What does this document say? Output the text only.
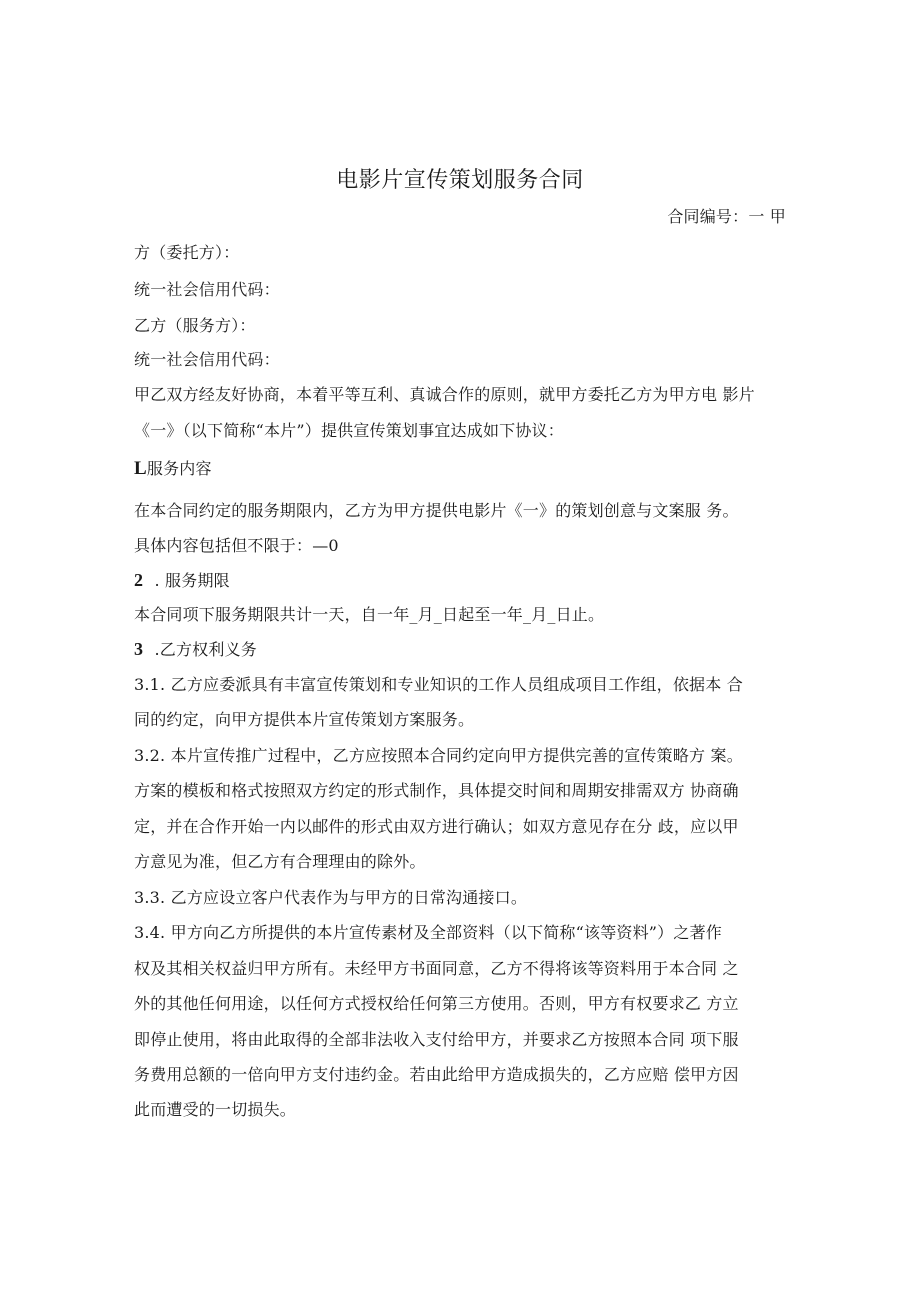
电影片宣传策划服务合同
合同编号：一 甲
方（委托方）：
统一社会信用代码：
乙方（服务方）：
统一社会信用代码：
甲乙双方经友好协商，本着平等互利、真诚合作的原则，就甲方委托乙方为甲方电 影片
《一》（以下简称“本片”）提供宣传策划事宜达成如下协议：
L服务内容
在本合同约定的服务期限内，乙方为甲方提供电影片《一》的策划创意与文案服 务。
具体内容包括但不限于：—0
2 . 服务期限
本合同项下服务期限共计一天，自一年_月_日起至一年_月_日止。
3 .乙方权利义务
3.1. 乙方应委派具有丰富宣传策划和专业知识的工作人员组成项目工作组，依据本 合
同的约定，向甲方提供本片宣传策划方案服务。
3.2. 本片宣传推广过程中，乙方应按照本合同约定向甲方提供完善的宣传策略方 案。
方案的模板和格式按照双方约定的形式制作，具体提交时间和周期安排需双方 协商确
定，并在合作开始一内以邮件的形式由双方进行确认；如双方意见存在分 歧，应以甲
方意见为准，但乙方有合理理由的除外。
3.3. 乙方应设立客户代表作为与甲方的日常沟通接口。
3.4. 甲方向乙方所提供的本片宣传素材及全部资料（以下简称“该等资料”）之著作
权及其相关权益归甲方所有。未经甲方书面同意，乙方不得将该等资料用于本合同 之
外的其他任何用途，以任何方式授权给任何第三方使用。否则，甲方有权要求乙 方立
即停止使用，将由此取得的全部非法收入支付给甲方，并要求乙方按照本合同 项下服
务费用总额的一倍向甲方支付违约金。若由此给甲方造成损失的，乙方应赔 偿甲方因
此而遭受的一切损失。
